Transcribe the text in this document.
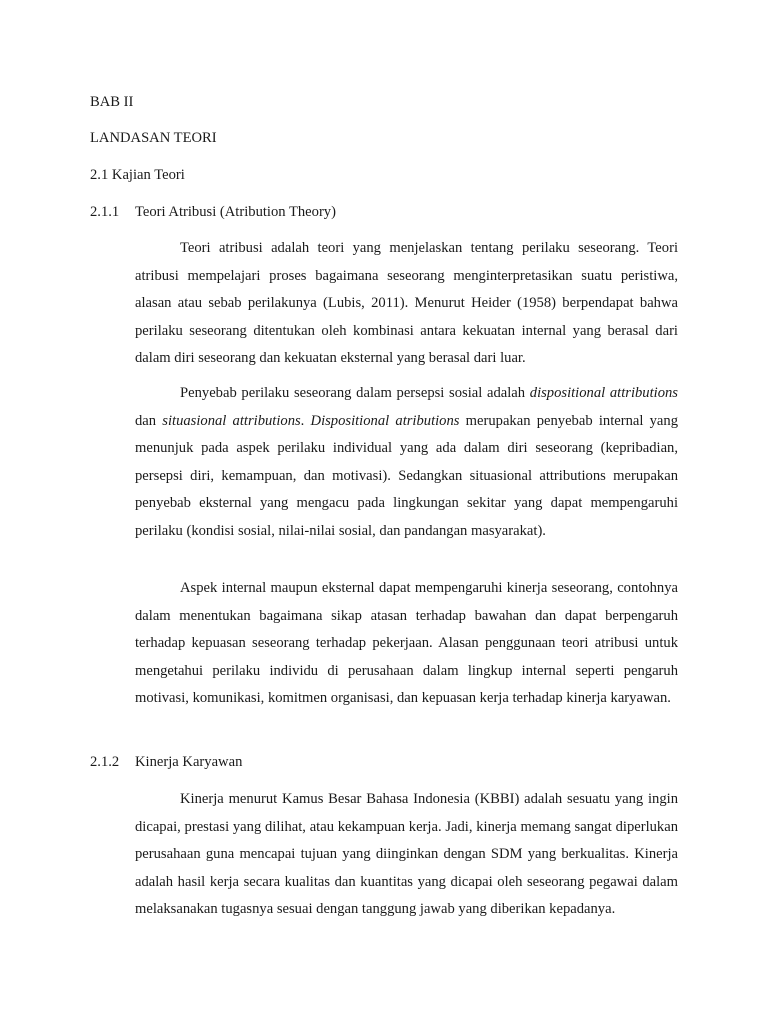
BAB II
LANDASAN TEORI
2.1 Kajian Teori
2.1.1 Teori Atribusi (Atribution Theory)

Teori atribusi adalah teori yang menjelaskan tentang perilaku seseorang. Teori atribusi mempelajari proses bagaimana seseorang menginterpretasikan suatu peristiwa, alasan atau sebab perilakunya (Lubis, 2011). Menurut Heider (1958) berpendapat bahwa perilaku seseorang ditentukan oleh kombinasi antara kekuatan internal yang berasal dari dalam diri seseorang dan kekuatan eksternal yang berasal dari luar.

Penyebab perilaku seseorang dalam persepsi sosial adalah dispositional attributions dan situasional attributions. Dispositional atributions merupakan penyebab internal yang menunjuk pada aspek perilaku individual yang ada dalam diri seseorang (kepribadian, persepsi diri, kemampuan, dan motivasi). Sedangkan situasional attributions merupakan penyebab eksternal yang mengacu pada lingkungan sekitar yang dapat mempengaruhi perilaku (kondisi sosial, nilai-nilai sosial, dan pandangan masyarakat).

Aspek internal maupun eksternal dapat mempengaruhi kinerja seseorang, contohnya dalam menentukan bagaimana sikap atasan terhadap bawahan dan dapat berpengaruh terhadap kepuasan seseorang terhadap pekerjaan. Alasan penggunaan teori atribusi untuk mengetahui perilaku individu di perusahaan dalam lingkup internal seperti pengaruh motivasi, komunikasi, komitmen organisasi, dan kepuasan kerja terhadap kinerja karyawan.

2.1.2 Kinerja Karyawan

Kinerja menurut Kamus Besar Bahasa Indonesia (KBBI) adalah sesuatu yang ingin dicapai, prestasi yang dilihat, atau kekampuan kerja. Jadi, kinerja memang sangat diperlukan perusahaan guna mencapai tujuan yang diinginkan dengan SDM yang berkualitas. Kinerja adalah hasil kerja secara kualitas dan kuantitas yang dicapai oleh seseorang pegawai dalam melaksanakan tugasnya sesuai dengan tanggung jawab yang diberikan kepadanya.
